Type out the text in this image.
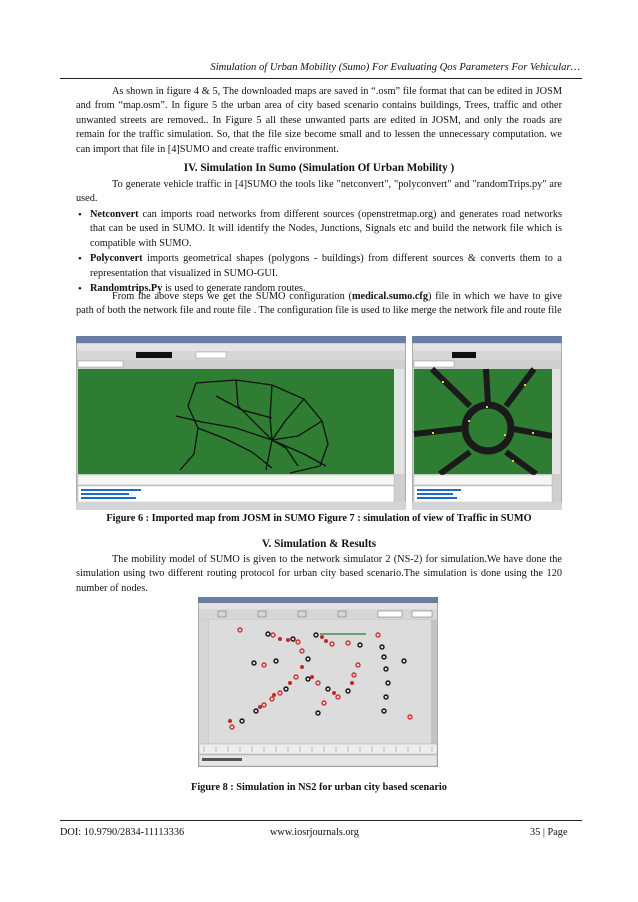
Simulation of Urban Mobility (Sumo) For Evaluating Qos Parameters For Vehicular…

As shown in figure 4 & 5, The downloaded maps are saved in “.osm” file format that can be edited in JOSM and from “map.osm”. In figure 5 the urban area of city based scenario contains buildings, Trees, traffic and other unwanted streets are removed.. In Figure 5 all these unwanted parts are edited in JOSM, and only the roads are remain for the traffic simulation. So, that the file size become small and to lessen the unnecessary computation. we can import that file in [4]SUMO and create traffic environment.

IV. Simulation In Sumo (Simulation Of Urban Mobility )

To generate vehicle traffic in [4]SUMO the tools like "netconvert", "polyconvert" and "randomTrips.py" are used.

• Netconvert can imports road networks from different sources (openstretmap.org) and generates road networks that can be used in SUMO. It will identify the Nodes, Junctions, Signals etc and build the network file which is compatible with SUMO.
• Polyconvert imports geometrical shapes (polygons - buildings) from different sources & converts them to a representation that visualized in SUMO-GUI.
• Randomtrips.Py is used to generate random routes.

From the above steps we get the SUMO configuration (medical.sumo.cfg) file in which we have to give path of both the network file and route file . The configuration file is used to like merge the network file and route file

Figure 6 : Imported map from JOSM in SUMO Figure 7 : simulation of view of Traffic in SUMO

V. Simulation & Results

The mobility model of SUMO is given to the network simulator 2 (NS-2) for simulation.We have done the simulation using two different routing protocol for urban city based scenario.The simulation is done using the 120 number of nodes.

Figure 8 : Simulation in NS2 for urban city based scenario

DOI: 10.9790/2834-11113336	www.iosrjournals.org	35 | Page
